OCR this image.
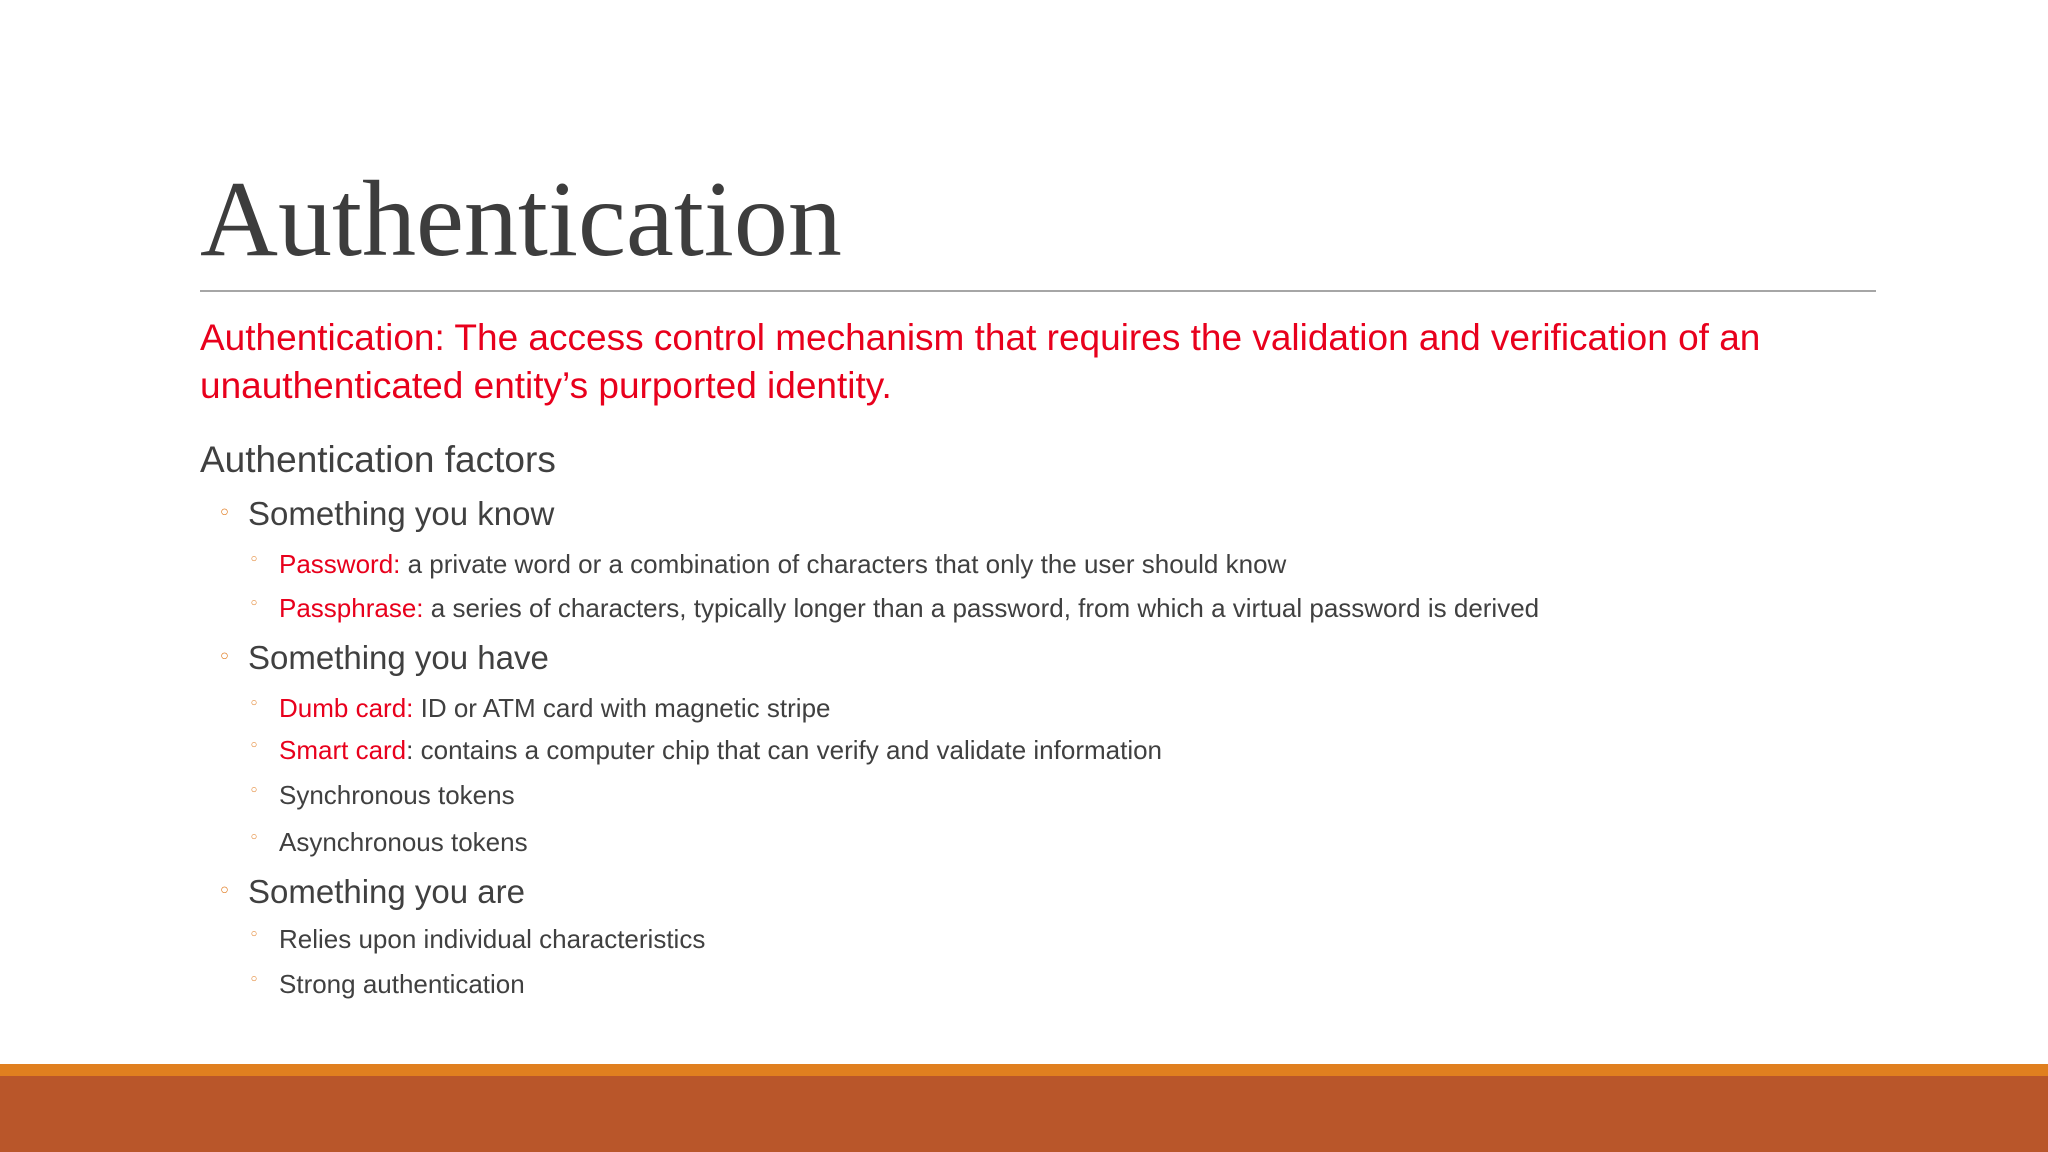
Authentication

Authentication: The access control mechanism that requires the validation and verification of an unauthenticated entity’s purported identity.

Authentication factors

◦ Something you know

◦ Password: a private word or a combination of characters that only the user should know

◦ Passphrase: a series of characters, typically longer than a password, from which a virtual password is derived

◦ Something you have

◦ Dumb card: ID or ATM card with magnetic stripe

◦ Smart card: contains a computer chip that can verify and validate information

◦ Synchronous tokens

◦ Asynchronous tokens

◦ Something you are

◦ Relies upon individual characteristics

◦ Strong authentication
